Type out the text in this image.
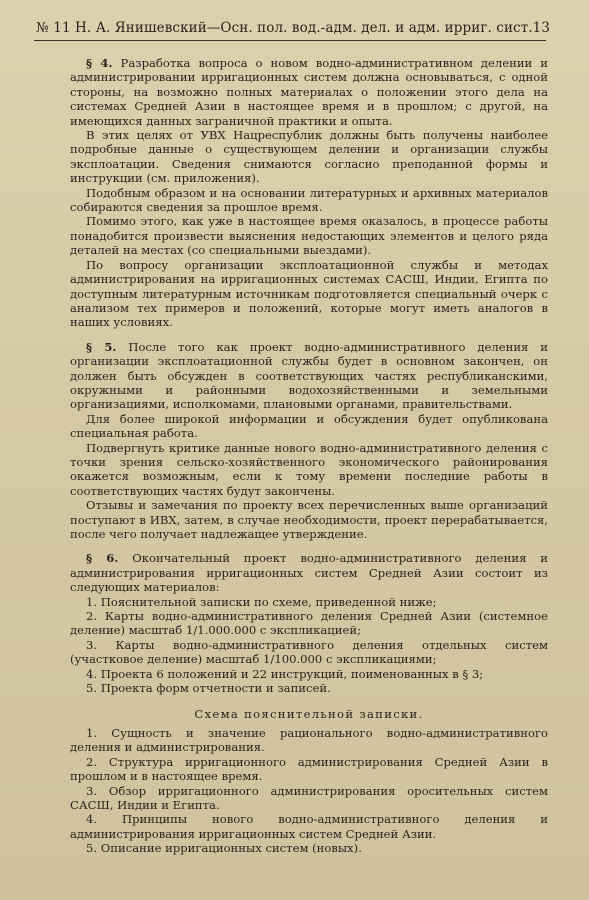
№ 11 Н. А. Янишевский—Осн. пол. вод.-адм. дел. и адм. ирриг. сист. 13

§ 4. Разработка вопроса о новом водно-административном делении и администрировании ирригационных систем должна основываться, с одной стороны, на возможно полных материалах о положении этого дела на системах Средней Азии в настоящее время и в прошлом; с другой, на имеющихся данных заграничной практики и опыта.

В этих целях от УВХ Нацреспублик должны быть получены наиболее подробные данные о существующем делении и организации службы эксплоатации. Сведения снимаются согласно преподанной формы и инструкции (см. приложения).

Подобным образом и на основании литературных и архивных материалов собираются сведения за прошлое время.

Помимо этого, как уже в настоящее время оказалось, в процессе работы понадобится произвести выяснения недостающих элементов и целого ряда деталей на местах (со специальными выездами).

По вопросу организации эксплоатационной службы и методах администрирования на ирригационных системах САСШ, Индии, Египта по доступным литературным источникам подготовляется специальный очерк с анализом тех примеров и положений, которые могут иметь аналогов в наших условиях.

§ 5. После того как проект водно-административного деления и организации эксплоатационной службы будет в основном закончен, он должен быть обсужден в соответствующих частях республиканскими, окружными и районными водохозяйственными и земельными организациями, исполкомами, плановыми органами, правительствами.

Для более широкой информации и обсуждения будет опубликована специальная работа.

Подвергнуть критике данные нового водно-административного деления с точки зрения сельско-хозяйственного экономического районирования окажется возможным, если к тому времени последние работы в соответствующих частях будут закончены.

Отзывы и замечания по проекту всех перечисленных выше организаций поступают в ИВХ, затем, в случае необходимости, проект перерабатывается, после чего получает надлежащее утверждение.

§ 6. Окончательный проект водно-административного деления и администрирования ирригационных систем Средней Азии состоит из следующих материалов:

1. Пояснительной записки по схеме, приведенной ниже;

2. Карты водно-административного деления Средней Азии (системное деление) масштаб 1/1.000.000 с экспликацией;

3. Карты водно-административного деления отдельных систем (участковое деление) масштаб 1/100.000 с экспликациями;

4. Проекта 6 положений и 22 инструкций, поименованных в § 3;

5. Проекта форм отчетности и записей.

Схема пояснительной записки.

1. Сущность и значение рационального водно-административного деления и администрирования.

2. Структура ирригационного администрирования Средней Азии в прошлом и в настоящее время.

3. Обзор ирригационного администрирования оросительных систем САСШ, Индии и Египта.

4. Принципы нового водно-административного деления и администрирования ирригационных систем Средней Азии.

5. Описание ирригационных систем (новых).
